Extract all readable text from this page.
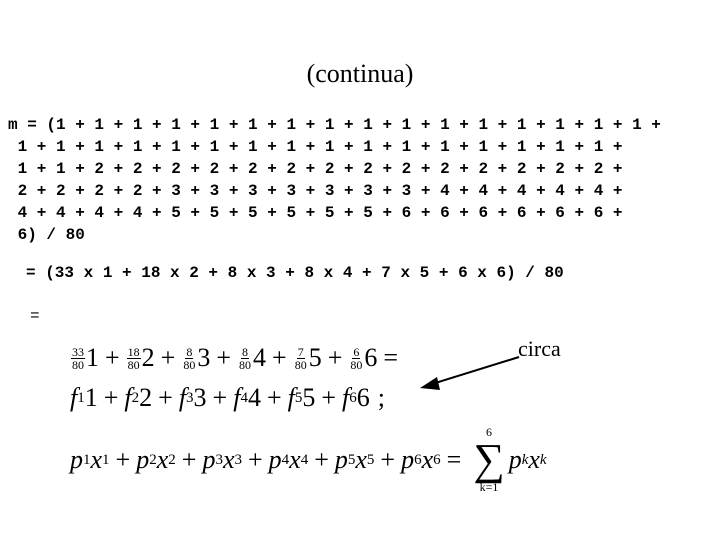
(continua)
m = (1 + 1 + 1 + 1 + 1 + 1 + 1 + 1 + 1 + 1 + 1 + 1 + 1 + 1 + 1 + 1 +
1 + 1 + 1 + 1 + 1 + 1 + 1 + 1 + 1 + 1 + 1 + 1 + 1 + 1 + 1 + 1 +
1 + 1 + 2 + 2 + 2 + 2 + 2 + 2 + 2 + 2 + 2 + 2 + 2 + 2 + 2 + 2 +
2 + 2 + 2 + 2 + 3 + 3 + 3 + 3 + 3 + 3 + 3 + 4 + 4 + 4 + 4 + 4 +
4 + 4 + 4 + 4 + 5 + 5 + 5 + 5 + 5 + 5 + 6 + 6 + 6 + 6 + 6 + 6 +
6) / 80
= (33 x 1 + 18 x 2 + 8 x 3 + 8 x 4 + 7 x 5 + 6 x 6) / 80
=
$\frac{33}{80} 1 + \frac{18}{80} 2 + \frac{8}{80} 3 + \frac{8}{80} 4 + \frac{7}{80} 5 + \frac{6}{80} 6$ =
f 1 1 + f 2 2 + f 3 3 + f 4 4 + f 5 5 + f 6 6 ;
p 1 x 1 + p 2 x 2 + p 3 x 3 + p 4 x 4 + p 5 x 5 + p 6 x 6 =
6
∑
k=1
p k x k
circa
